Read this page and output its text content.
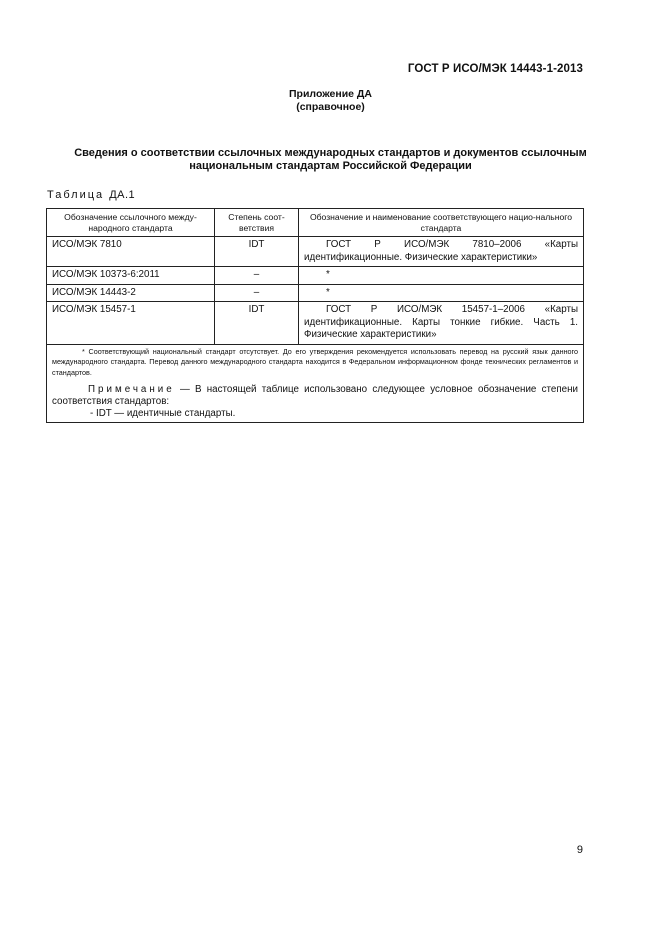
ГОСТ Р ИСО/МЭК 14443-1-2013
Приложение ДА
(справочное)
Сведения о соответствии ссылочных международных стандартов и документов ссылочным
национальным стандартам Российской Федерации
Таблица ДА.1
Обозначение ссылочного между-народного стандарта	Степень соот-ветствия	Обозначение и наименование соответствующего нацио-нального стандарта
ИСО/МЭК 7810	IDT	ГОСТ Р ИСО/МЭК 7810–2006 «Карты идентификационные. Физические характеристики»
ИСО/МЭК 10373-6:2011	–	*
ИСО/МЭК 14443-2	–	*
ИСО/МЭК 15457-1	IDT	ГОСТ Р ИСО/МЭК 15457-1–2006 «Карты идентификационные. Карты тонкие гибкие. Часть 1. Физические характеристики»

* Соответствующий национальный стандарт отсутствует. До его утверждения рекомендуется использовать перевод на русский язык данного международного стандарта. Перевод данного международного стандарта находится в Федеральном информационном фонде технических регламентов и стандартов.
Примечание — В настоящей таблице использовано следующее условное обозначение степени соответствия стандартов:
- IDT — идентичные стандарты.		
9
